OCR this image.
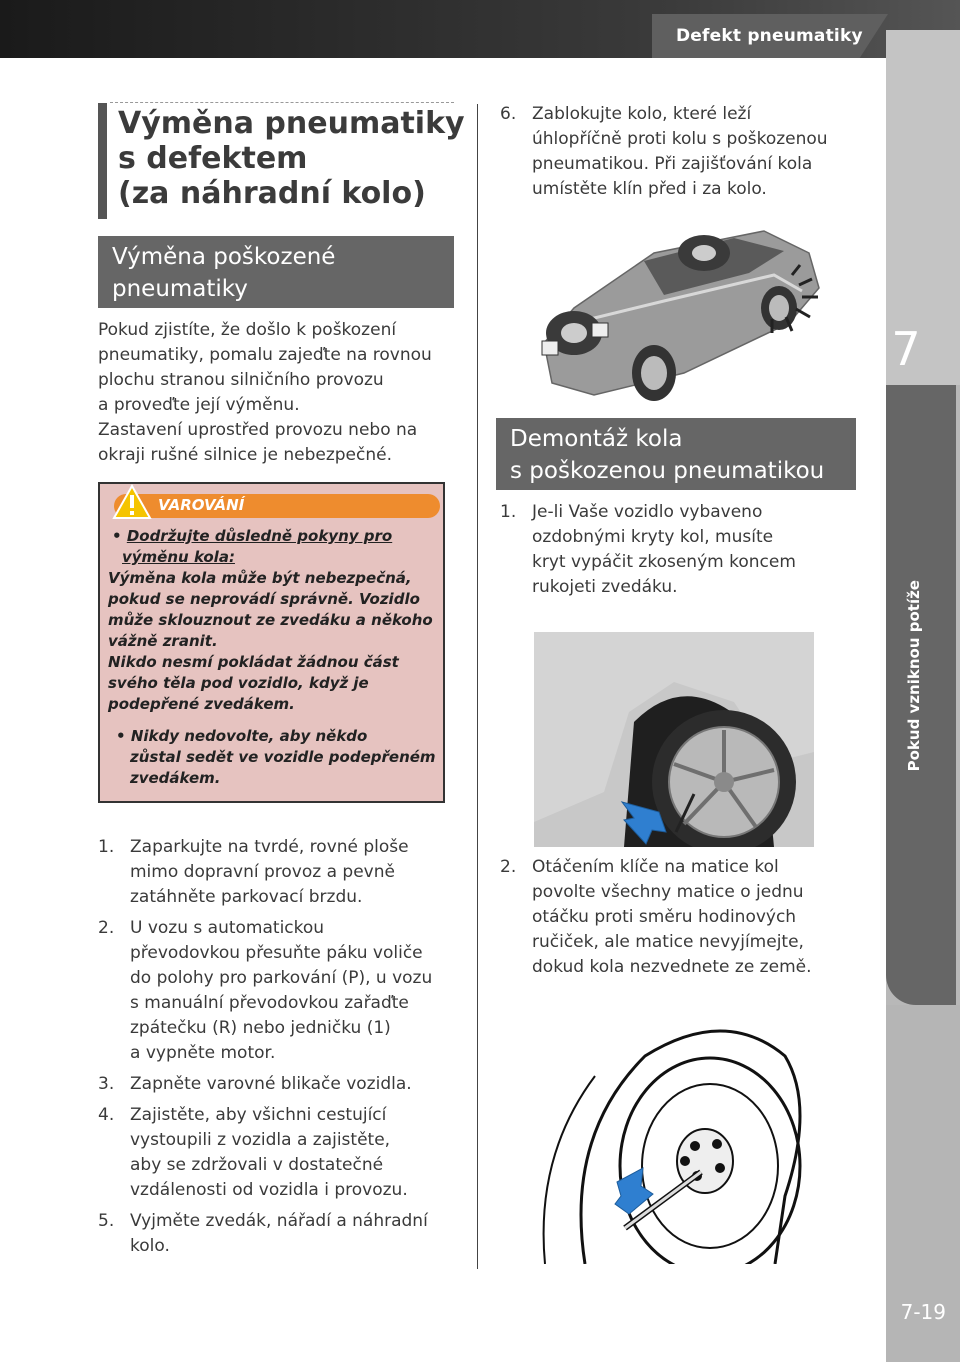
Defekt pneumatiky
7
Pokud vzniknou potíže
7-19
Výměna pneumatiky
s defektem
(za náhradní kolo)
Výměna poškozené
pneumatiky
Pokud zjistíte, že došlo k poškození
pneumatiky, pomalu zajeďte na rovnou
plochu stranou silničního provozu
a proveďte její výměnu.
Zastavení uprostřed provozu nebo na
okraji rušné silnice je nebezpečné.
VAROVÁNÍ
• Dodržujte důsledně pokyny pro
výměnu kola:
Výměna kola může být nebezpečná,
pokud se neprovádí správně. Vozidlo
může sklouznout ze zvedáku a někoho
vážně zranit.
Nikdo nesmí pokládat žádnou část
svého těla pod vozidlo, když je
podepřené zvedákem.
• Nikdy nedovolte, aby někdo
zůstal sedět ve vozidle podepřeném
zvedákem.
1. Zaparkujte na tvrdé, rovné ploše
mimo dopravní provoz a pevně
zatáhněte parkovací brzdu.
2. U vozu s automatickou
převodovkou přesuňte páku voliče
do polohy pro parkování (P), u vozu
s manuální převodovkou zařaďte
zpátečku (R) nebo jedničku (1)
a vypněte motor.
3. Zapněte varovné blikače vozidla.
4. Zajistěte, aby všichni cestující
vystoupili z vozidla a zajistěte,
aby se zdržovali v dostatečné
vzdálenosti od vozidla i provozu.
5. Vyjměte zvedák, nářadí a náhradní
kolo.
6. Zablokujte kolo, které leží
úhlopříčně proti kolu s poškozenou
pneumatikou. Při zajišťování kola
umístěte klín před i za kolo.
Demontáž kola
s poškozenou pneumatikou
1. Je-li Vaše vozidlo vybaveno
ozdobnými kryty kol, musíte
kryt vypáčit zkoseným koncem
rukojeti zvedáku.
2. Otáčením klíče na matice kol
povolte všechny matice o jednu
otáčku proti směru hodinových
ručiček, ale matice nevyjímejte,
dokud kola nezvednete ze země.
